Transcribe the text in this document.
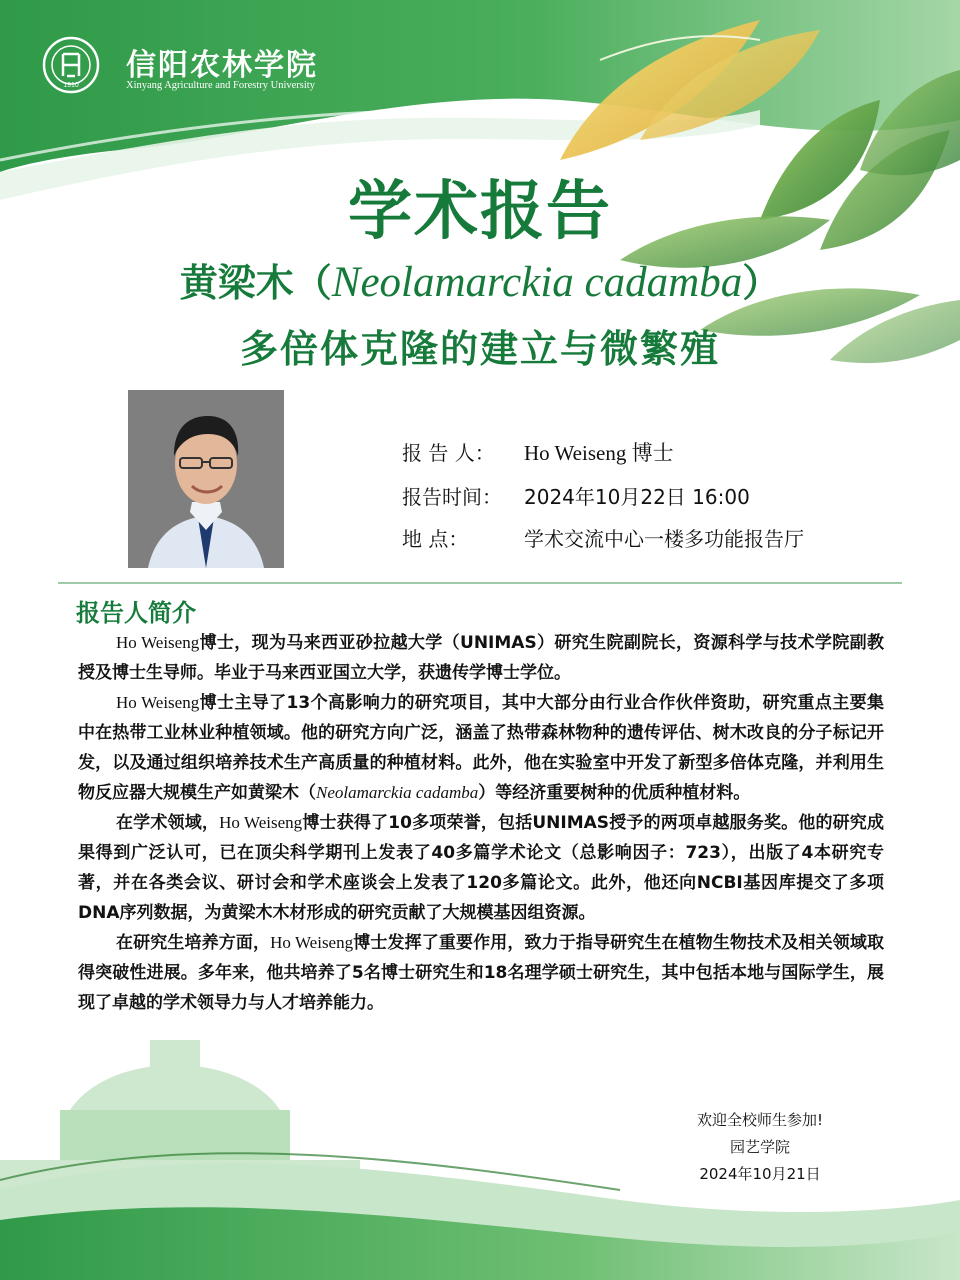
1910
信阳农林学院
Xinyang Agriculture and Forestry University
学术报告
黄梁木（Neolamarckia cadamba）
多倍体克隆的建立与微繁殖
报 告 人： Ho Weiseng 博士
报告时间： 2024年10月22日 16:00
地 点：	学术交流中心一楼多功能报告厅
报告人简介

Ho Weiseng博士，现为马来西亚砂拉越大学（UNIMAS）研究生院副院长，资源科学与技术学院副教授及博士生导师。毕业于马来西亚国立大学，获遗传学博士学位。

Ho Weiseng博士主导了13个高影响力的研究项目，其中大部分由行业合作伙伴资助，研究重点主要集中在热带工业林业种植领域。他的研究方向广泛，涵盖了热带森林物种的遗传评估、树木改良的分子标记开发，以及通过组织培养技术生产高质量的种植材料。此外，他在实验室中开发了新型多倍体克隆，并利用生物反应器大规模生产如黄梁木（Neolamarckia cadamba）等经济重要树种的优质种植材料。

在学术领域，Ho Weiseng博士获得了10多项荣誉，包括UNIMAS授予的两项卓越服务奖。他的研究成果得到广泛认可，已在顶尖科学期刊上发表了40多篇学术论文（总影响因子：723），出版了4本研究专著，并在各类会议、研讨会和学术座谈会上发表了120多篇论文。此外，他还向NCBI基因库提交了多项DNA序列数据，为黄梁木木材形成的研究贡献了大规模基因组资源。

在研究生培养方面，Ho Weiseng博士发挥了重要作用，致力于指导研究生在植物生物技术及相关领域取得突破性进展。多年来，他共培养了5名博士研究生和18名理学硕士研究生，其中包括本地与国际学生，展现了卓越的学术领导力与人才培养能力。

欢迎全校师生参加!
园艺学院
2024年10月21日
